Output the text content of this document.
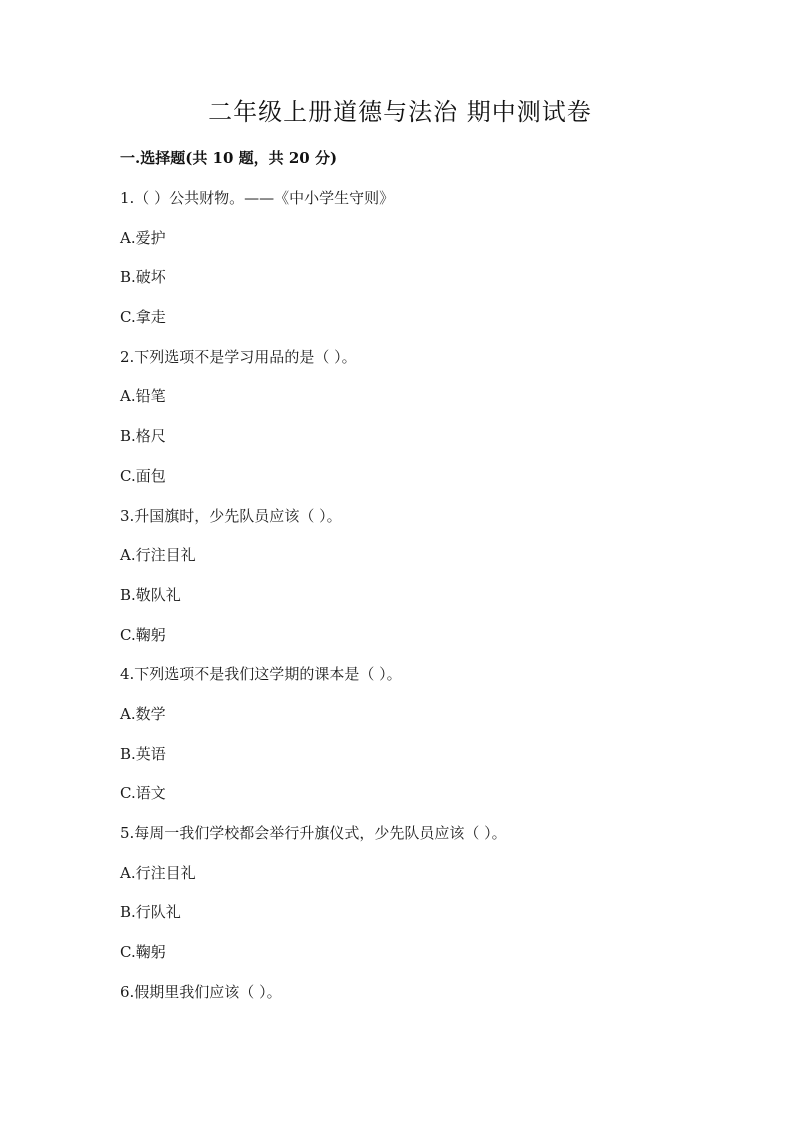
二年级上册道德与法治 期中测试卷
一.选择题(共 10 题，共 20 分)
1.（ ）公共财物。——《中小学生守则》
A.爱护
B.破坏
C.拿走
2.下列选项不是学习用品的是（ ）。
A.铅笔
B.格尺
C.面包
3.升国旗时，少先队员应该（ ）。
A.行注目礼
B.敬队礼
C.鞠躬
4.下列选项不是我们这学期的课本是（ ）。
A.数学
B.英语
C.语文
5.每周一我们学校都会举行升旗仪式，少先队员应该（ ）。
A.行注目礼
B.行队礼
C.鞠躬
6.假期里我们应该（ ）。
